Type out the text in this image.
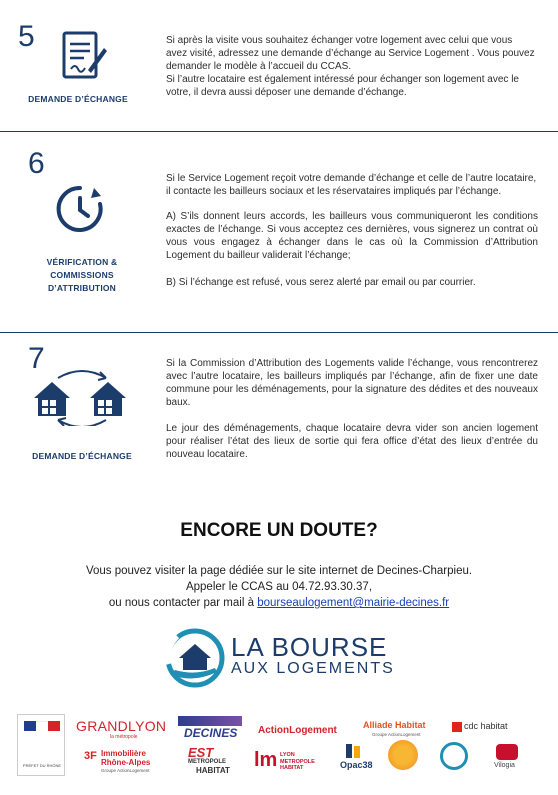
5
DEMANDE D’ÉCHANGE

Si après la visite vous souhaitez échanger votre logement avec celui que vous avez visité, adressez une demande d’échange au Service Logement . Vous pouvez demander le modèle à l’accueil du CCAS.

Si l’autre locataire est également intéressé pour échanger son logement avec le votre, il devra aussi déposer une demande d’échange.

6
VÉRIFICATION &
COMMISSIONS
D’ATTRIBUTION

Si le Service Logement reçoit votre demande d’échange et celle de l’autre locataire, il contacte les bailleurs sociaux et les réservataires impliqués par l’échange.

A) S’ils donnent leurs accords, les bailleurs vous communiqueront les conditions exactes de l’échange. Si vous acceptez ces dernières, vous signerez un contrat où vous vous engagez à échanger dans le cas où la Commission d’Attribution Logement du bailleur validerait l’échange;

B) Si l’échange est refusé, vous serez alerté par email ou par courrier.

7
DEMANDE D’ÉCHANGE

Si la Commission d’Attribution des Logements valide l’échange, vous rencontrerez avec l’autre locataire, les bailleurs impliqués par l’échange, afin de fixer une date commune pour les déménagements, pour la signature des dédites et des nouveaux baux.

Le jour des déménagements, chaque locataire devra vider son ancien logement pour réaliser l’état des lieux de sortie qui fera office d’état des lieux d’entrée du nouveau locataire.

ENCORE UN DOUTE?
Vous pouvez visiter la page dédiée sur le site internet de Decines-Charpieu.
Appeler le CCAS au 04.72.93.30.37,
ou nous contacter par mail à bourseaulogement@mairie-decines.fr
LA BOURSE
AUX LOGEMENTS
PRÉFET DU RHÔNE
GRANDLYON
la métropole	DECINES ActionLogement	Alliade Habitat
Groupe ActionLogement
cdc habitat
3F Immobilière
Rhône-Alpes
Groupe ActionLogement
EST
METROPOLE
HABITAT lm LYON
METROPOLE
HABITAT	Opac38	Vilogia
